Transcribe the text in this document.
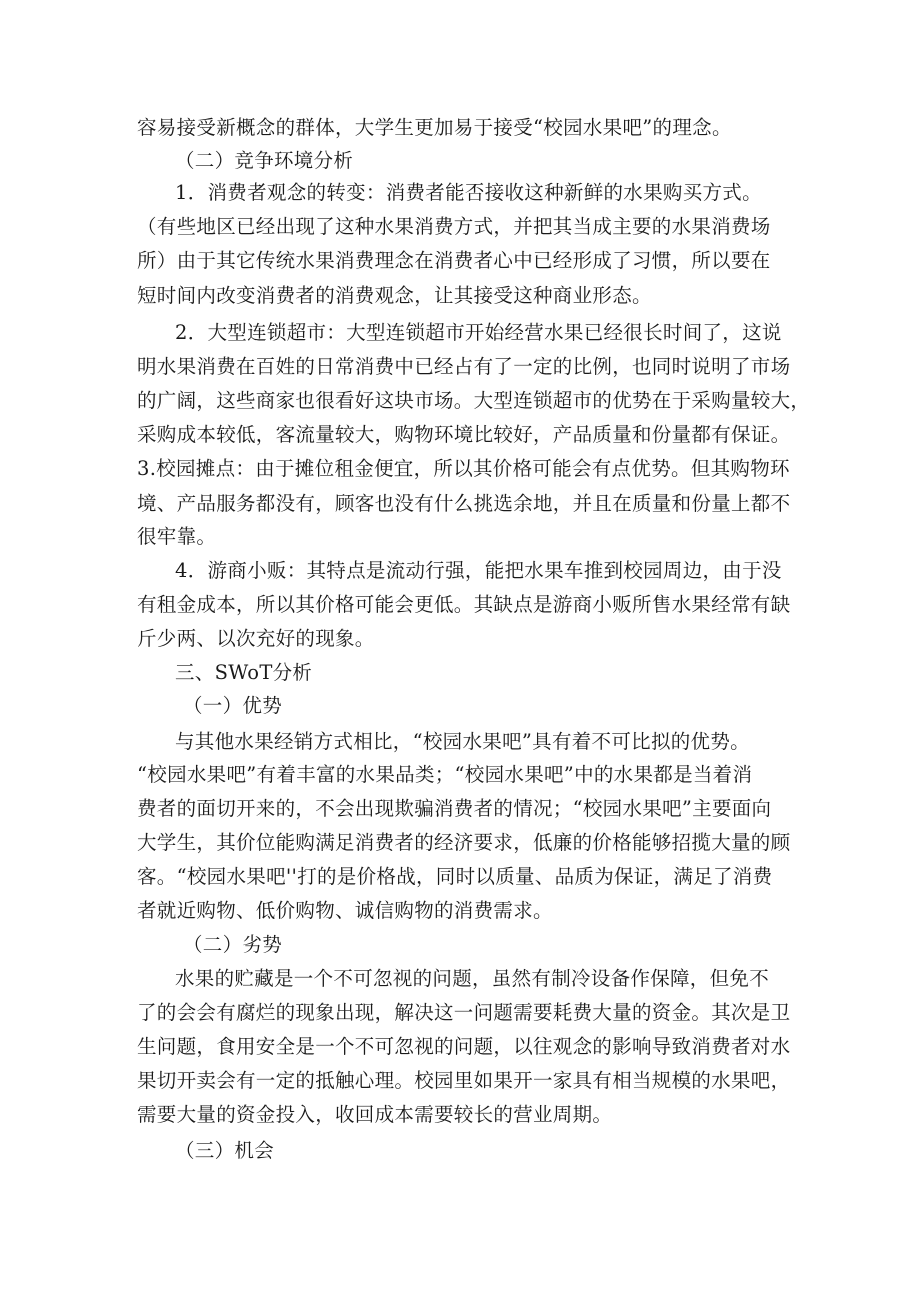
容易接受新概念的群体，大学生更加易于接受“校园水果吧”的理念。
（二）竞争环境分析
1．消费者观念的转变：消费者能否接收这种新鲜的水果购买方式。
（有些地区已经出现了这种水果消费方式，并把其当成主要的水果消费场
所）由于其它传统水果消费理念在消费者心中已经形成了习惯，所以要在
短时间内改变消费者的消费观念，让其接受这种商业形态。
2．大型连锁超市：大型连锁超市开始经营水果已经很长时间了，这说
明水果消费在百姓的日常消费中已经占有了一定的比例，也同时说明了市场
的广阔，这些商家也很看好这块市场。大型连锁超市的优势在于采购量较大，
采购成本较低，客流量较大，购物环境比较好，产品质量和份量都有保证。
3.校园摊点：由于摊位租金便宜，所以其价格可能会有点优势。但其购物环
境、产品服务都没有，顾客也没有什么挑选余地，并且在质量和份量上都不
很牢靠。
4．游商小贩：其特点是流动行强，能把水果车推到校园周边，由于没
有租金成本，所以其价格可能会更低。其缺点是游商小贩所售水果经常有缺
斤少两、以次充好的现象。
三、SWoT分析
（一）优势
与其他水果经销方式相比，“校园水果吧”具有着不可比拟的优势。
“校园水果吧”有着丰富的水果品类；“校园水果吧”中的水果都是当着消
费者的面切开来的，不会出现欺骗消费者的情况；“校园水果吧”主要面向
大学生，其价位能购满足消费者的经济要求，低廉的价格能够招揽大量的顾
客。“校园水果吧''打的是价格战，同时以质量、品质为保证，满足了消费
者就近购物、低价购物、诚信购物的消费需求。
（二）劣势
水果的贮藏是一个不可忽视的问题，虽然有制冷设备作保障，但免不
了的会会有腐烂的现象出现，解决这一问题需要耗费大量的资金。其次是卫
生问题，食用安全是一个不可忽视的问题，以往观念的影响导致消费者对水
果切开卖会有一定的抵触心理。校园里如果开一家具有相当规模的水果吧，
需要大量的资金投入，收回成本需要较长的营业周期。
（三）机会
